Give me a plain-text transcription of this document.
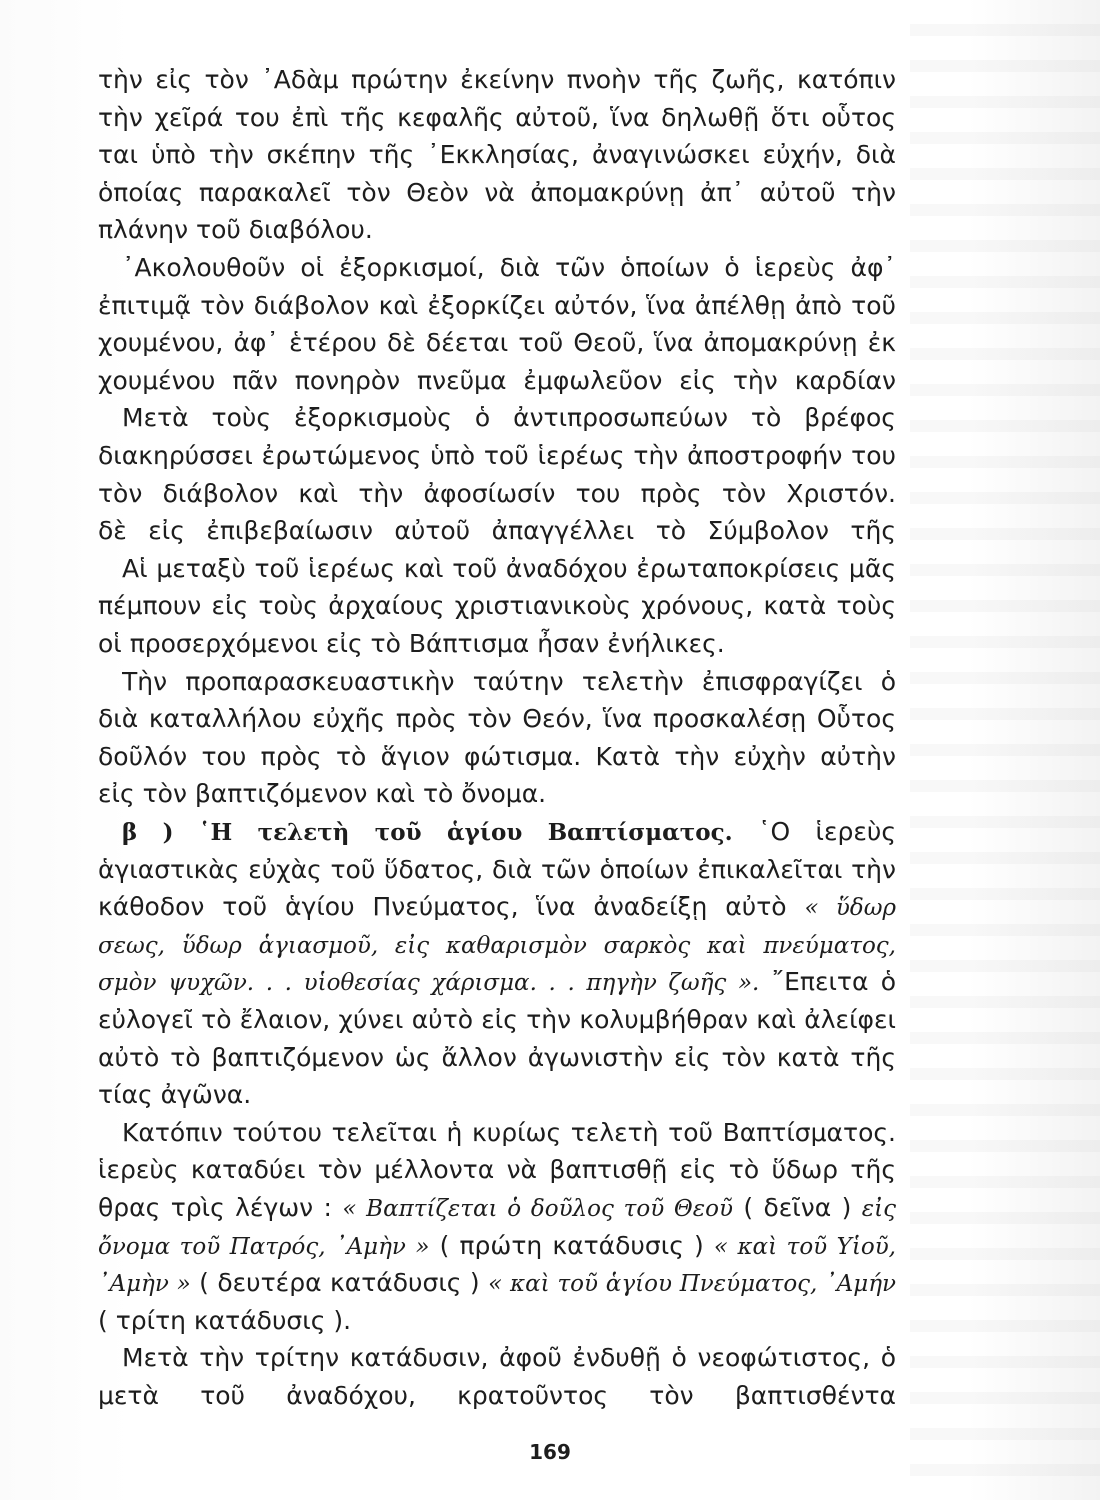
τὴν εἰς τὸν ᾿Αδὰμ πρώτην ἐκείνην πνοὴν τῆς ζωῆς, κατόπιν
τὴν χεῖρά του ἐπὶ τῆς κεφαλῆς αὐτοῦ, ἵνα δηλωθῇ ὅτι οὗτος
ται ὑπὸ τὴν σκέπην τῆς ᾿Εκκλησίας, ἀναγινώσκει εὐχήν, διὰ
ὁποίας παρακαλεῖ τὸν Θεὸν νὰ ἀπομακρύνῃ ἀπ᾿ αὐτοῦ τὴν
πλάνην τοῦ διαβόλου.
᾿Ακολουθοῦν οἱ ἐξορκισμοί, διὰ τῶν ὁποίων ὁ ἱερεὺς ἀφ᾿
ἐπιτιμᾷ τὸν διάβολον καὶ ἐξορκίζει αὐτόν, ἵνα ἀπέλθῃ ἀπὸ τοῦ
χουμένου, ἀφ᾿ ἑτέρου δὲ δέεται τοῦ Θεοῦ, ἵνα ἀπομακρύνῃ ἐκ
χουμένου πᾶν πονηρὸν πνεῦμα ἐμφωλεῦον εἰς τὴν καρδίαν
Μετὰ τοὺς ἐξορκισμοὺς ὁ ἀντιπροσωπεύων τὸ βρέφος
διακηρύσσει ἐρωτώμενος ὑπὸ τοῦ ἱερέως τὴν ἀποστροφήν του
τὸν διάβολον καὶ τὴν ἀφοσίωσίν του πρὸς τὸν Χριστόν.
δὲ εἰς ἐπιβεβαίωσιν αὐτοῦ ἀπαγγέλλει τὸ Σύμβολον τῆς
Αἱ μεταξὺ τοῦ ἱερέως καὶ τοῦ ἀναδόχου ἐρωταποκρίσεις μᾶς
πέμπουν εἰς τοὺς ἀρχαίους χριστιανικοὺς χρόνους, κατὰ τοὺς
οἱ προσερχόμενοι εἰς τὸ Βάπτισμα ἦσαν ἐνήλικες.
Τὴν προπαρασκευαστικὴν ταύτην τελετὴν ἐπισφραγίζει ὁ
διὰ καταλλήλου εὐχῆς πρὸς τὸν Θεόν, ἵνα προσκαλέσῃ Οὗτος
δοῦλόν του πρὸς τὸ ἅγιον φώτισμα. Κατὰ τὴν εὐχὴν αὐτὴν
εἰς τὸν βαπτιζόμενον καὶ τὸ ὄνομα.
β ) ῾Η τελετὴ τοῦ ἁγίου Βαπτίσματος. ῾Ο ἱερεὺς
ἁγιαστικὰς εὐχὰς τοῦ ὕδατος, διὰ τῶν ὁποίων ἐπικαλεῖται τὴν
κάθοδον τοῦ ἁγίου Πνεύματος, ἵνα ἀναδείξῃ αὐτὸ « ὕδωρ
σεως, ὕδωρ ἁγιασμοῦ, εἰς καθαρισμὸν σαρκὸς καὶ πνεύματος,
σμὸν ψυχῶν. . . υἱοθεσίας χάρισμα. . . πηγὴν ζωῆς ». ῎Επειτα ὁ
εὐλογεῖ τὸ ἔλαιον, χύνει αὐτὸ εἰς τὴν κολυμβήθραν καὶ ἀλείφει
αὐτὸ τὸ βαπτιζόμενον ὡς ἄλλον ἀγωνιστὴν εἰς τὸν κατὰ τῆς
τίας ἀγῶνα.
Κατόπιν τούτου τελεῖται ἡ κυρίως τελετὴ τοῦ Βαπτίσματος.
ἱερεὺς καταδύει τὸν μέλλοντα νὰ βαπτισθῇ εἰς τὸ ὕδωρ τῆς
θρας τρὶς λέγων : « Βαπτίζεται ὁ δοῦλος τοῦ Θεοῦ ( δεῖνα ) εἰς
ὄνομα τοῦ Πατρός, ᾿Αμὴν » ( πρώτη κατάδυσις ) « καὶ τοῦ Υἱοῦ,
᾿Αμὴν » ( δευτέρα κατάδυσις ) « καὶ τοῦ ἁγίου Πνεύματος, ᾿Αμήν
( τρίτη κατάδυσις ).
169
Μετὰ τὴν τρίτην κατάδυσιν, ἀφοῦ ἐνδυθῇ ὁ νεοφώτιστος, ὁ
μετὰ τοῦ ἀναδόχου, κρατοῦντος τὸν βαπτισθέντα
